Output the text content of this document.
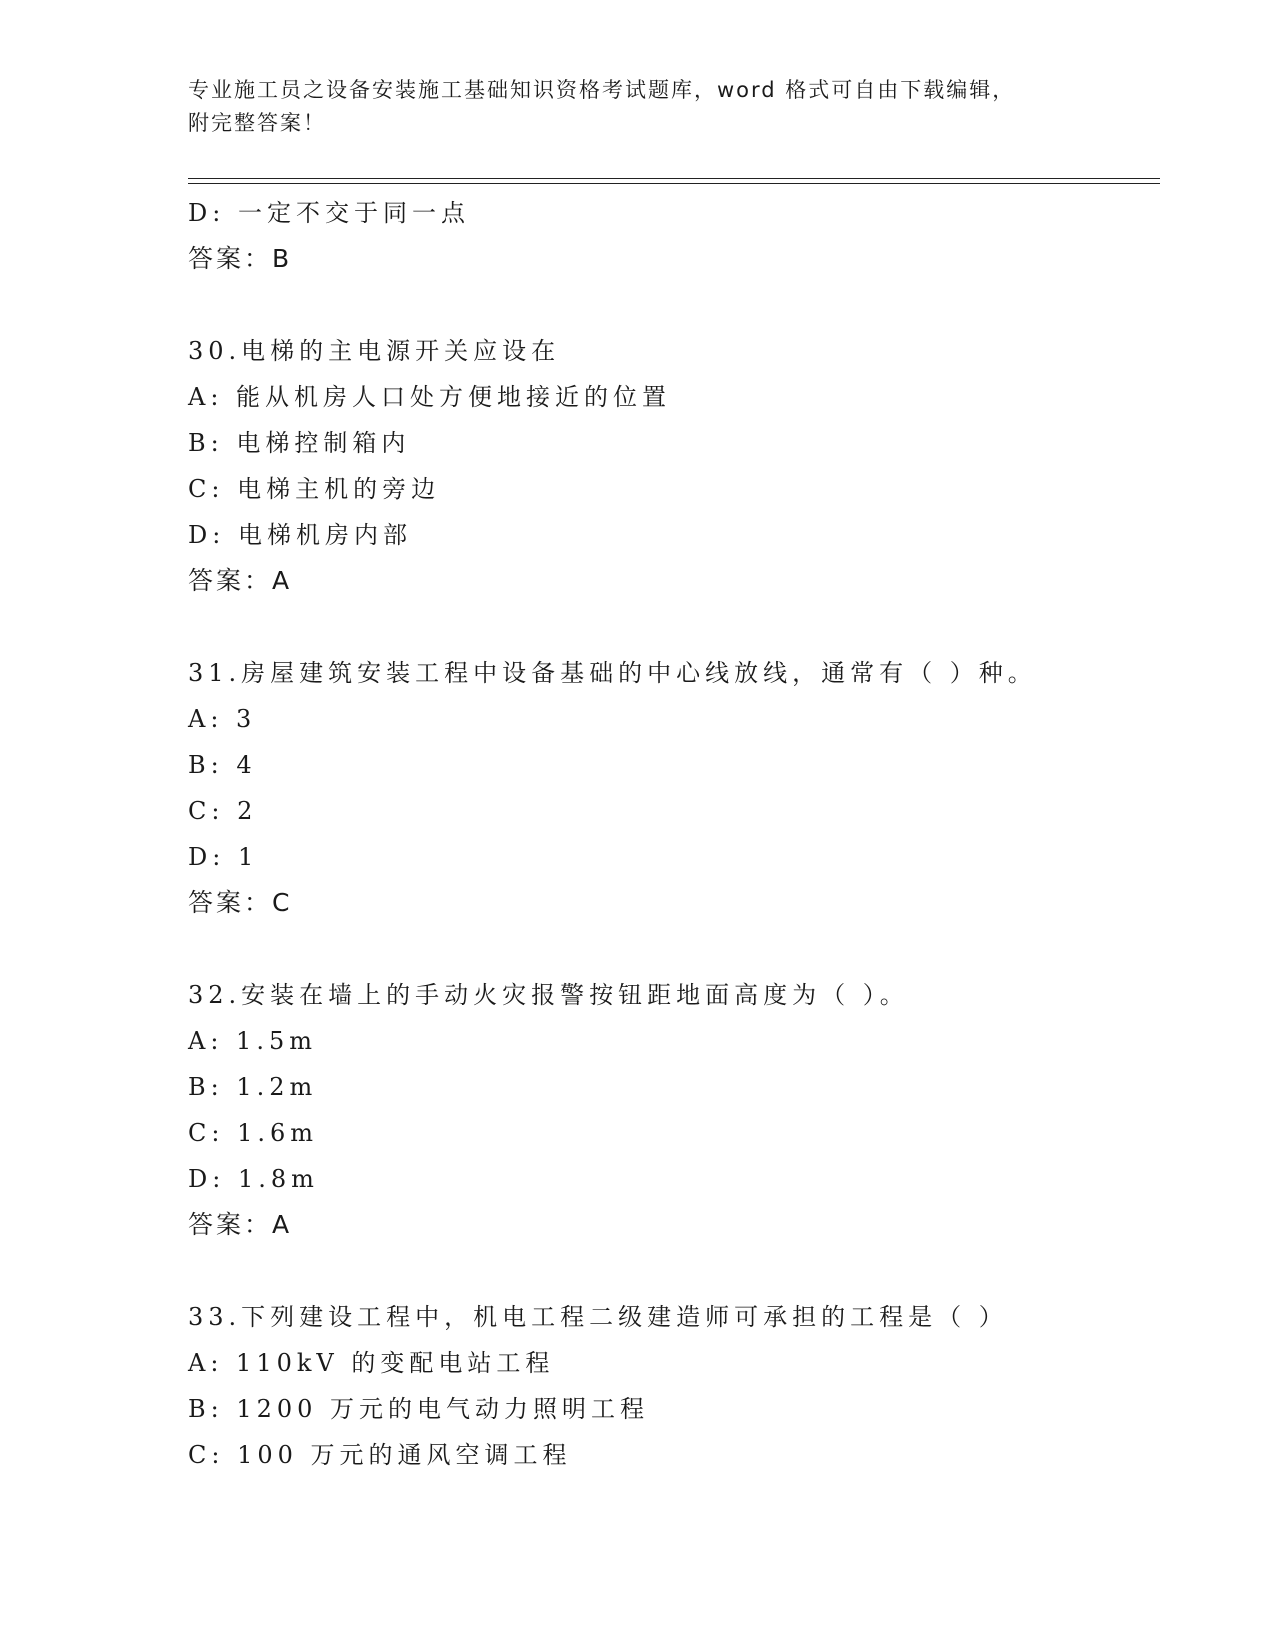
专业施工员之设备安装施工基础知识资格考试题库，word 格式可自由下载编辑，
附完整答案！
D: 一定不交于同一点
答案：B
30.电梯的主电源开关应设在
A: 能从机房人口处方便地接近的位置
B: 电梯控制箱内
C: 电梯主机的旁边
D: 电梯机房内部
答案：A
31.房屋建筑安装工程中设备基础的中心线放线，通常有（ ）种。
A: 3
B: 4
C: 2
D: 1
答案：C
32.安装在墙上的手动火灾报警按钮距地面高度为（ ）。
A: 1.5m
B: 1.2m
C: 1.6m
D: 1.8m
答案：A
33.下列建设工程中，机电工程二级建造师可承担的工程是（ ）
A: 110kV 的变配电站工程
B: 1200 万元的电气动力照明工程
C: 100 万元的通风空调工程
